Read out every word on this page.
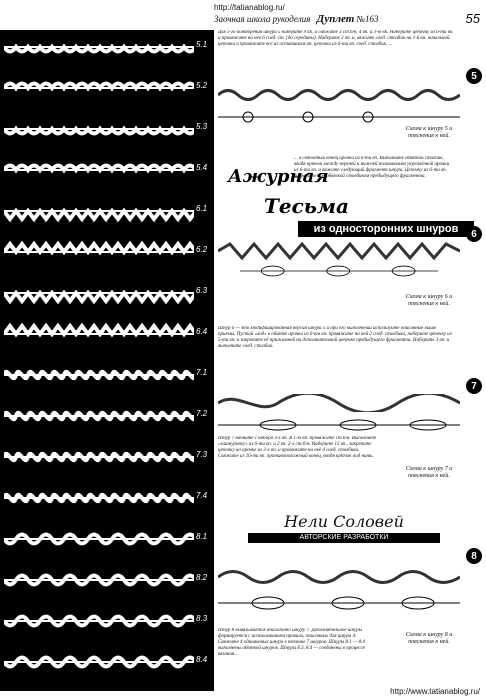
http://tatianablog.ru/
Заочная школа рукоделия Дуплет №163	55
5.1
5.2
5.3
5.4
6.1
6.2
6.3
6.4
7.1
7.2
7.3
7.4
8.1
8.2
8.3
8.4
Для 1-го повторения шнура 5 наберите 9 вп. и свяжите 3 ст.б/н, 4 вп. и 3-ю вп. Наберите цепочку из 6-ти вп. и провяжите на нее 6 соед. ст. (до середины). Наберите 2 вп. и, вяжите соед. столбик на 1-й вп. начальной цепочки и провяжите все из оставшихся вп. цепочки из 6-ти вп. соед. столбик, ...
5
Схема к шнуру 5 и пояснения к ней.
... в свободный конец арочки из 6-ти вп. Выполните обвязкой столбик, вводя крючок между верхней и нижней половинками укреплённой арочки из 6-ти вп. и вяжите следующий фрагмент шнура. Цепочку из 6-ти вп. закрепите под обвязкой столбиком предыдущего фрагмента.
Ажурная
Тесьма
из односторонних шнуров	6
Схема к шнуру 6 и пояснения к ней.
Шнур 6 — это модифицированная версия шнура 5 и при его выполнении используйте описанные выше приемы. Пустой «ход» в обвязке арочки из 6-ти вп. провяжите на ней 2 соед. столбика, наберите цепочку из 5-ти вп. и закрепите её прижимной на дополнительной цепочке предыдущего фрагмента. Наберите 3 вп. и выполните соед. столбик.
7
Шнур 7 начните с набора 3-х вп. В 1-ю вп. провяжите ст.б/н. Выполните «зашнуровку» из 6-ти вп. и 2 вп. 2-х ст.б/н. Наберите 12 вп., закрепите цепочку на арочке из 3-х вп. и провяжите на неё 4 соед. столбика. Свяжите из 16-ти вп. противоположный конец, вводя крючок под нить.
Схема к шнуру 7 и пояснения к ней.
Нели Соловей
АВТОРСКИЕ РАЗРАБОТКИ
8
Шнур 8 вывязывается аналогично шнуру 7. Дополнительное шнуры формируется с использованием правила, описанных для шнура 4. Свяжите 4 одинаковых шнура в технике 7 шнуров. Шнуры 8.1 — 8.4 выполнены обвязкой шнуров. Шнуры 8.3, 8.4 — соединены в процессе вязания...
Схема к шнуру 8 и пояснения к ней.
http://www.tatianablog.ru/
